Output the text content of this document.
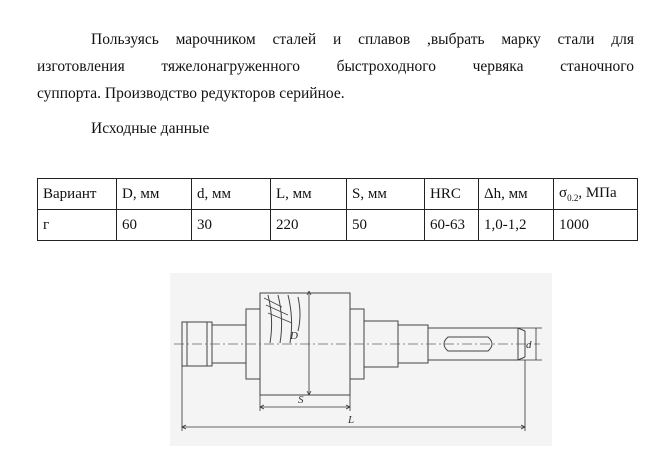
Пользуясь марочником сталей и сплавов ,выбрать марку стали для

изготовления тяжелонагруженного быстроходного червяка станочного

суппорта. Производство редукторов серийное.

Исходные данные

Вариант	D, мм	d, мм	L, мм	S, мм	HRC	Δh, мм	$\sigma_{0.2}$, МПа
г	60	30	220	50	60-63	1,0-1,2	1000
D
d
S
L
